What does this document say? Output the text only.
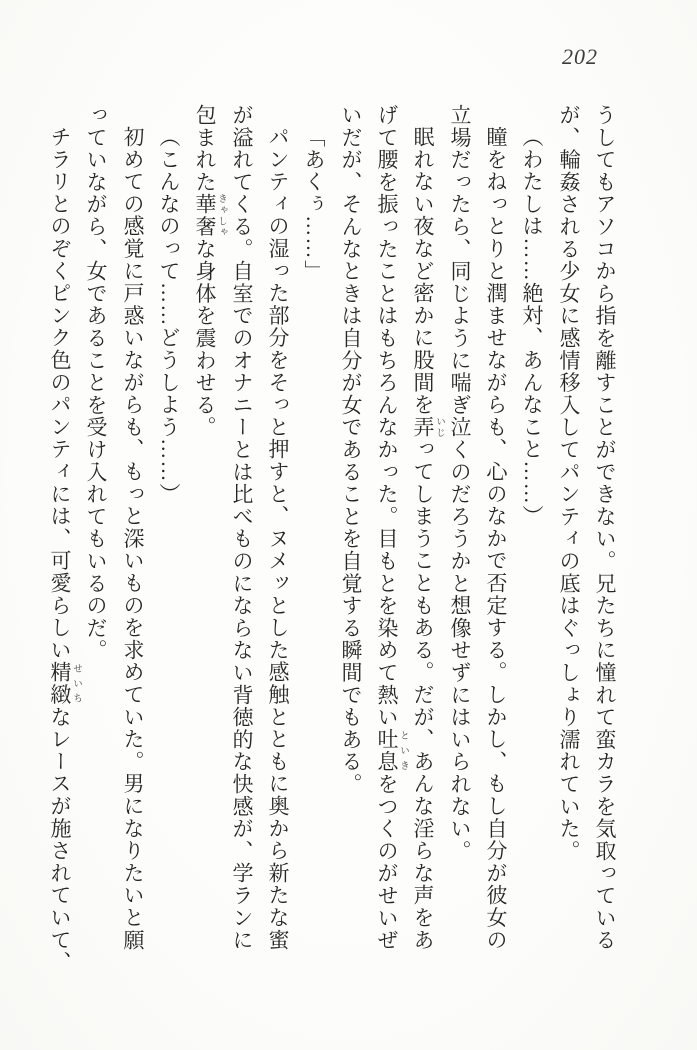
202
うしてもアソコから指を離すことができない。兄たちに憧れて蛮カラを気取っている
が、輪姦される少女に感情移入してパンティの底はぐっしょり濡れていた。
（わたしは……絶対、あんなこと……）
瞳をねっとりと潤ませながらも、心のなかで否定する。しかし、もし自分が彼女の
立場だったら、同じように喘ぎ泣くのだろうかと想像せずにはいられない。
眠れない夜など密かに股間を弄 いじってしまうこともある。だが、あんな淫らな声をあ
げて腰を振ったことはもちろんなかった。目もとを染めて熱い吐息 といきをつくのがせいぜ
いだが、そんなときは自分が女であることを自覚する瞬間でもある。
「あくぅ……」
パンティの湿った部分をそっと押すと、ヌメッとした感触とともに奥から新たな蜜
が溢れてくる。自室でのオナニーとは比べものにならない背徳的な快感が、学ランに
包まれた華奢 きゃしゃな身体を震わせる。
（こんなのって……どうしよう……）
初めての感覚に戸惑いながらも、もっと深いものを求めていた。男になりたいと願
っていながら、女であることを受け入れてもいるのだ。
チラリとのぞくピンク色のパンティには、可愛らしい精緻 せいちなレースが施されていて、
